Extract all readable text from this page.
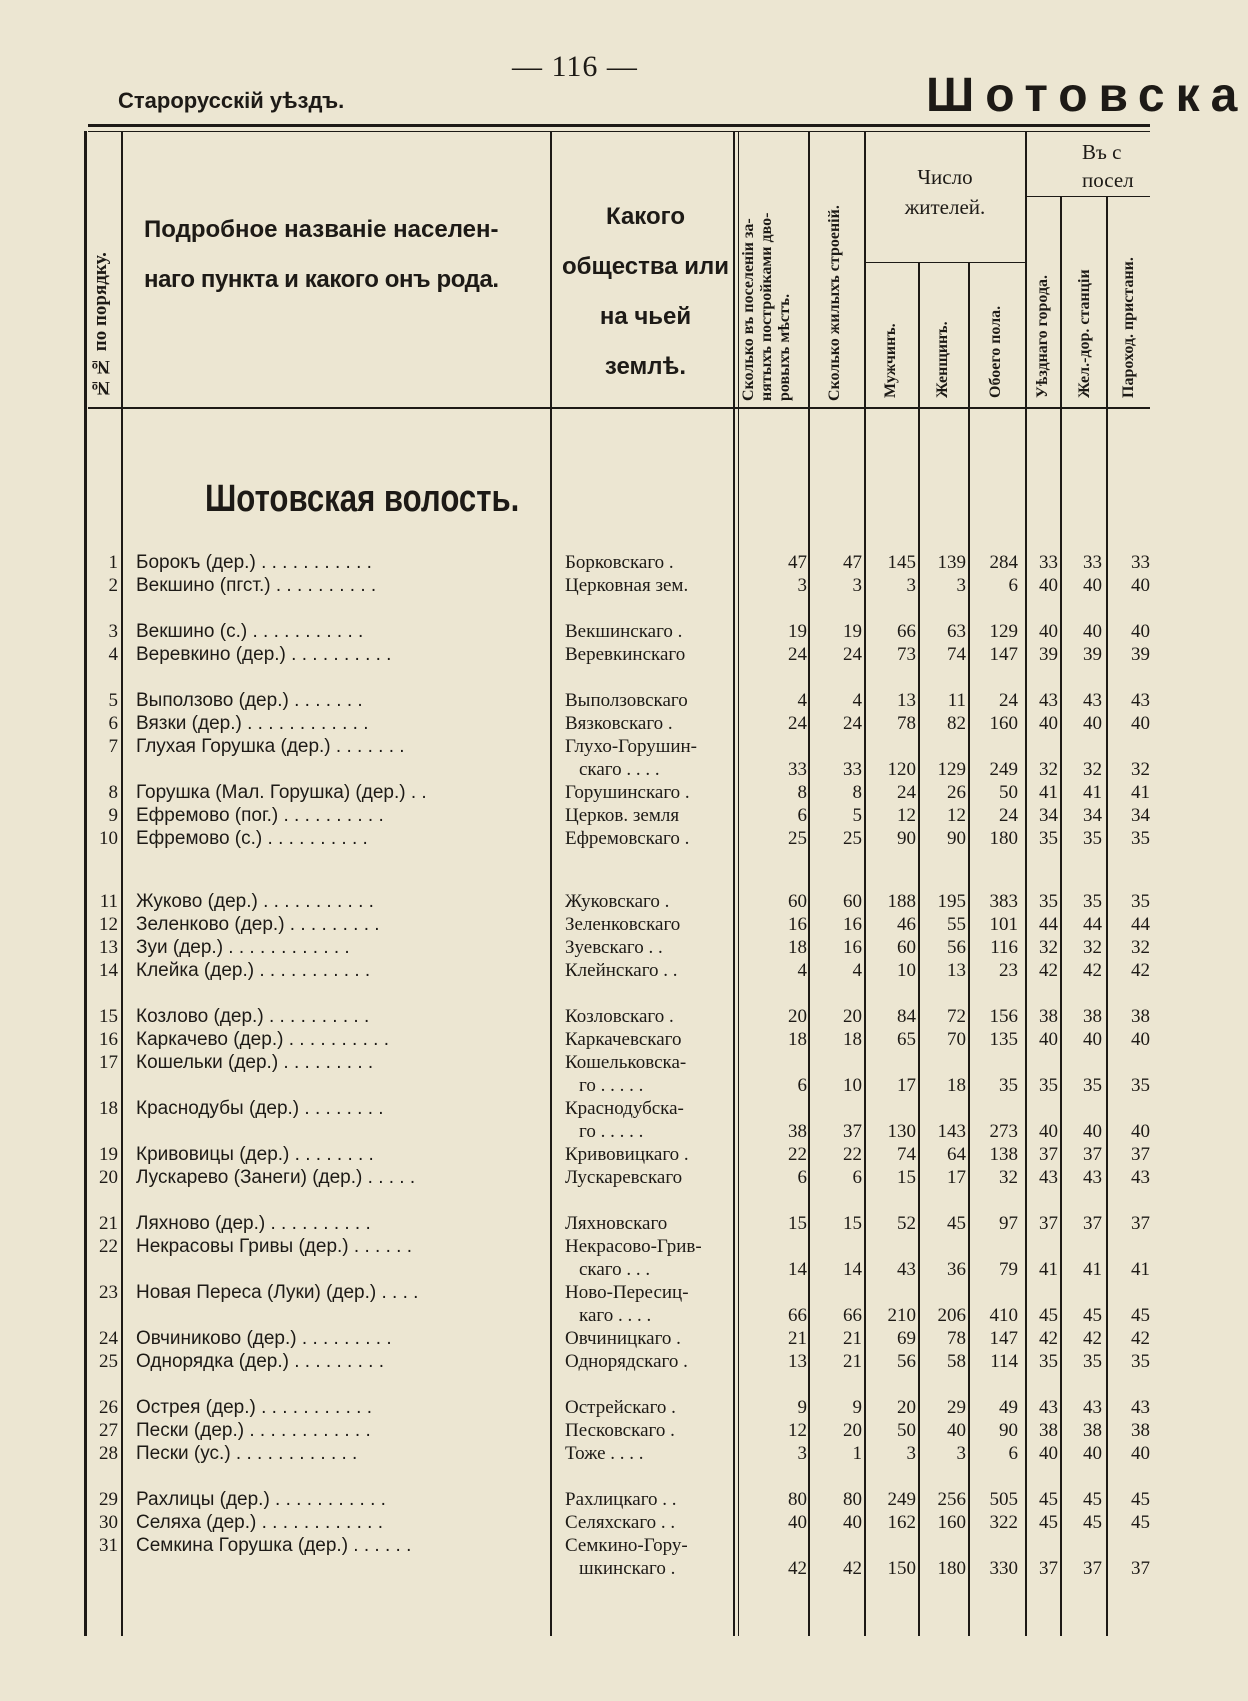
— 116 —
Старорусскій уѣздъ.	Шотовска
№№ по порядку.
Подробное названіе населен-
наго пункта и какого онъ рода.
Какого
общества или
на чьей землѣ.	Сколько въ поселеніи за-
нятыхъ постройками дво-
ровыхъ мѣстъ.	Сколько жилыхъ строеній.
Число
жителей.
Мужчинъ. Женщинъ. Обоего пола.
Въ с
посел
Уѣзднаго города. Жел.-дор. станціи Пароход. пристани.
Шотовская волость.
1 Борокъ (дер.) . . . . . . . . . . .	Борковскаго .	47	47	145	139	284	33	33	33
2 Векшино (пгст.) . . . . . . . . . .	Церковная зем.	3	3	3	3	6	40	40	40
3 Векшино (с.) . . . . . . . . . . .	Векшинскаго .	19	19	66	63	129	40	40	40
4 Веревкино (дер.) . . . . . . . . . .	Веревкинскаго	24	24	73	74	147	39	39	39
5 Выползово (дер.) . . . . . . .	Выползовскаго	4	4	13	11	24	43	43	43
6 Вязки (дер.) . . . . . . . . . . . .	Вязковскаго .	24	24	78	82	160	40	40	40
7 Глухая Горушка (дер.) . . . . . . .	Глухо-Горушин-
скаго . . . .	33	33	120	129	249	32	32	32
8 Горушка (Мал. Горушка) (дер.) . .	Горушинскаго .	8	8	24	26	50	41	41	41
9 Ефремово (пог.) . . . . . . . . . .	Церков. земля	6	5	12	12	24	34	34	34
10 Ефремово (с.) . . . . . . . . . .	Ефремовскаго .	25	25	90	90	180	35	35	35
11 Жуково (дер.) . . . . . . . . . . .	Жуковскаго .	60	60	188	195	383	35	35	35
12 Зеленково (дер.) . . . . . . . . .	Зеленковскаго	16	16	46	55	101	44	44	44
13 Зуи (дер.) . . . . . . . . . . . .	Зуевскаго . .	18	16	60	56	116	32	32	32
14 Клейка (дер.) . . . . . . . . . . .	Клейнскаго . .	4	4	10	13	23	42	42	42
15 Козлово (дер.) . . . . . . . . . .	Козловскаго .	20	20	84	72	156	38	38	38
16 Каркачево (дер.) . . . . . . . . . .	Каркачевскаго	18	18	65	70	135	40	40	40
17 Кошельки (дер.) . . . . . . . . .	Кошельковска-
го . . . . .	6	10	17	18	35	35	35	35
18 Краснодубы (дер.) . . . . . . . .	Краснодубска-
го . . . . .	38	37	130	143	273	40	40	40
19 Кривовицы (дер.) . . . . . . . .	Кривовицкаго .	22	22	74	64	138	37	37	37
20 Лускарево (Занеги) (дер.) . . . . .	Лускаревскаго	6	6	15	17	32	43	43	43
21 Ляхново (дер.) . . . . . . . . . .	Ляхновскаго	15	15	52	45	97	37	37	37
22 Некрасовы Гривы (дер.) . . . . . .	Некрасово-Грив-
скаго . . .	14	14	43	36	79	41	41	41
23 Новая Пересa (Луки) (дер.) . . . .	Ново-Пересиц-
каго . . . .	66	66	210	206	410	45	45	45
24 Овчиниково (дер.) . . . . . . . . .	Овчиницкаго .	21	21	69	78	147	42	42	42
25 Однорядка (дер.) . . . . . . . . .	Однорядскаго .	13	21	56	58	114	35	35	35
26 Острея (дер.) . . . . . . . . . . .	Острейскаго .	9	9	20	29	49	43	43	43
27 Пески (дер.) . . . . . . . . . . . .	Песковскаго .	12	20	50	40	90	38	38	38
28 Пески (ус.) . . . . . . . . . . . .	Тоже . . . .	3	1	3	3	6	40	40	40
29 Рахлицы (дер.) . . . . . . . . . . .	Рахлицкаго . .	80	80	249	256	505	45	45	45
30 Селяха (дер.) . . . . . . . . . . . .	Селяхскаго . .	40	40	162	160	322	45	45	45
31 Семкина Горушка (дер.) . . . . . .	Семкино-Гору-
шкинскаго .	42	42	150	180	330	37	37	37
